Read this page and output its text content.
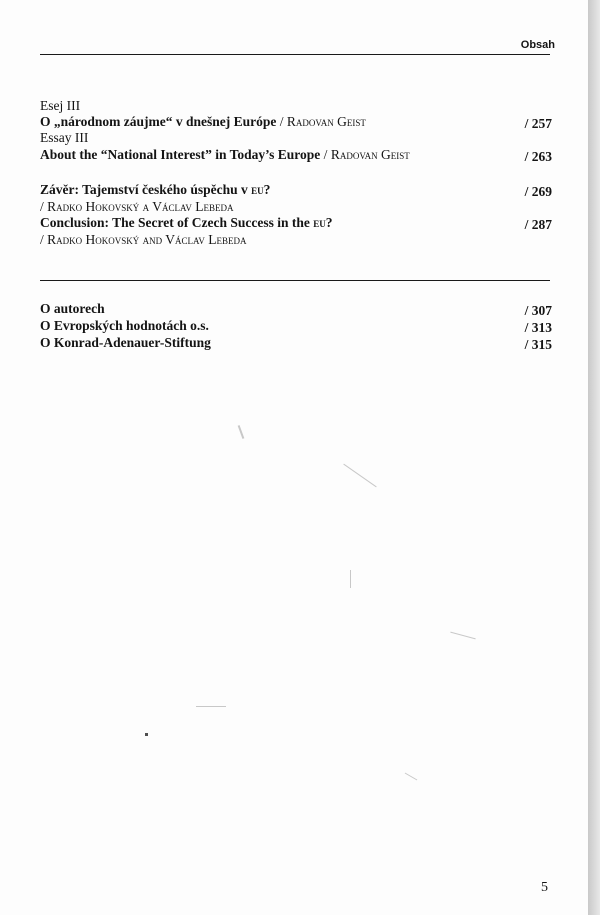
Obsah
Esej III
O „národnom záujme“ v dnešnej Európe / Radovan Geist	/ 257
Essay III
About the “National Interest” in Today’s Europe / Radovan Geist	/ 263
Závěr: Tajemství českého úspěchu v eu?	/ 269
/ Radko Hokovský a Václav Lebeda
Conclusion: The Secret of Czech Success in the eu?	/ 287
/ Radko Hokovský and Václav Lebeda
O autorech	/ 307
O Evropských hodnotách o.s.	/ 313
O Konrad-Adenauer-Stiftung	/ 315
5
